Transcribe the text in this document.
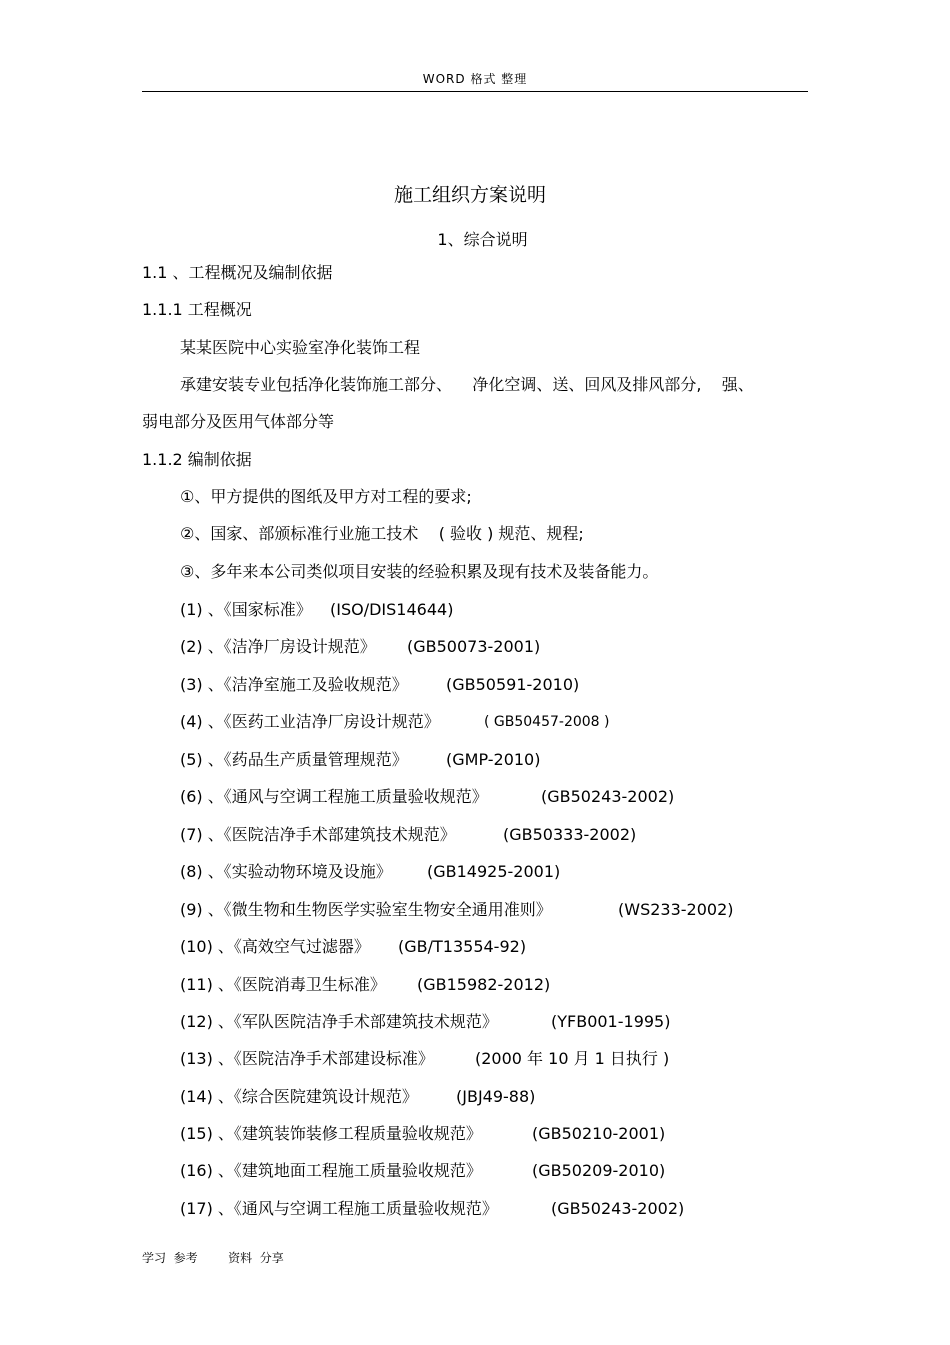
WORD 格式 整理
施工组织方案说明
1、综合说明
1.1 、工程概况及编制依据
1.1.1 工程概况
某某医院中心实验室净化装饰工程
承建安装专业包括净化装饰施工部分、    净化空调、送、回风及排风部分,    强、
弱电部分及医用气体部分等
1.1.2 编制依据
①、甲方提供的图纸及甲方对工程的要求;
②、国家、部颁标准行业施工技术    ( 验收 ) 规范、规程;
③、多年来本公司类似项目安装的经验积累及现有技术及装备能力。
(1) 、《国家标准》 (ISO/DIS14644)
(2) 、《洁净厂房设计规范》 (GB50073-2001)
(3) 、《洁净室施工及验收规范》 (GB50591-2010)
(4) 、《医药工业洁净厂房设计规范》	( GB50457-2008 )
(5) 、《药品生产质量管理规范》 (GMP-2010)
(6) 、《通风与空调工程施工质量验收规范》	(GB50243-2002)
(7) 、《医院洁净手术部建筑技术规范》	(GB50333-2002)
(8) 、《实验动物环境及设施》 (GB14925-2001)
(9) 、《微生物和生物医学实验室生物安全通用准则》	(WS233-2002)
(10) 、《高效空气过滤器》 (GB/T13554-92)
(11) 、《医院消毒卫生标准》 (GB15982-2012)
(12) 、《军队医院洁净手术部建筑技术规范》	(YFB001-1995)
(13) 、《医院洁净手术部建设标准》	(2000 年 10 月 1 日执行 )
(14) 、《综合医院建筑设计规范》 (JBJ49-88)
(15) 、《建筑装饰装修工程质量验收规范》	(GB50210-2001)
(16) 、《建筑地面工程施工质量验收规范》	(GB50209-2010)
(17) 、《通风与空调工程施工质量验收规范》	(GB50243-2002)
学习  参考        资料  分享
